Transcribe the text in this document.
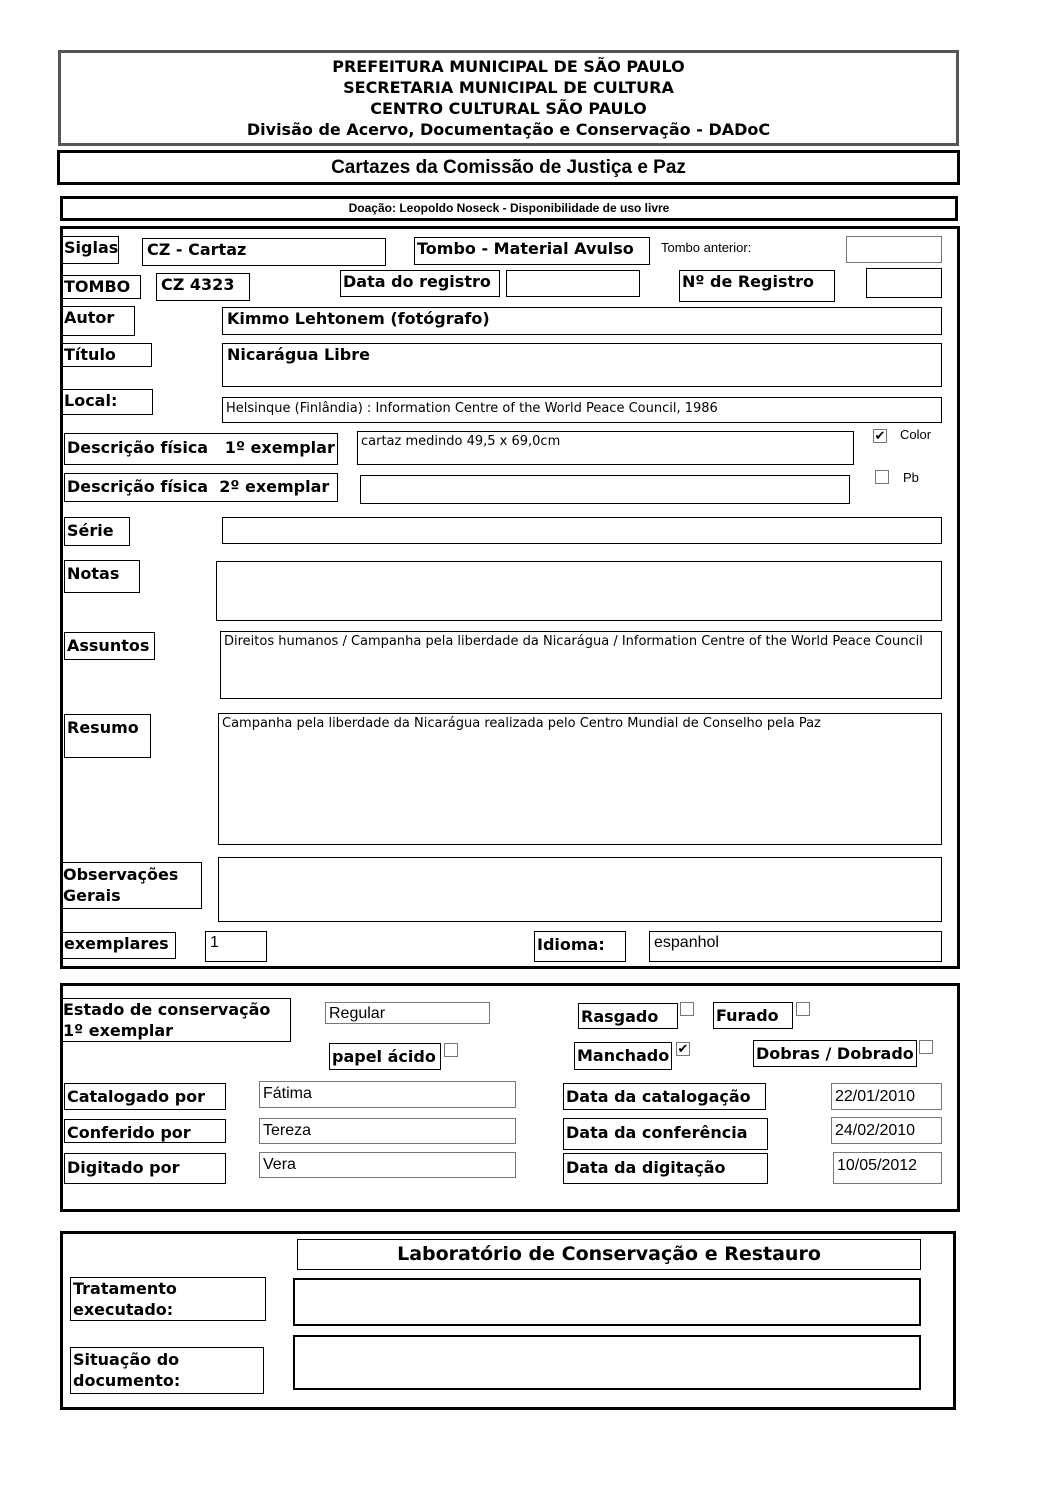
PREFEITURA MUNICIPAL DE SÃO PAULO
SECRETARIA MUNICIPAL DE CULTURA
CENTRO CULTURAL SÃO PAULO
Divisão de Acervo, Documentação e Conservação - DADoC
Cartazes da Comissão de Justiça e Paz
Doação: Leopoldo Noseck - Disponibilidade de uso livre
Siglas	CZ - Cartaz	Tombo - Material Avulso	Tombo anterior:
TOMBO	CZ 4323	Data do registro	Nº de Registro
Autor	Kimmo Lehtonem (fotógrafo)
Título	Nicarágua Libre
Local:	Helsinque (Finlândia) : Information Centre of the World Peace Council, 1986
Descrição física   1º exemplar	cartaz medindo 49,5 x 69,0cm	✔ Color
Descrição física  2º exemplar	Pb
Série
Notas
Assuntos	Direitos humanos / Campanha pela liberdade da Nicarágua / Information Centre of the World Peace Council
Resumo	Campanha pela liberdade da Nicarágua realizada pelo Centro Mundial de Conselho pela Paz
Observações Gerais
exemplares	1	Idioma:	espanhol
Estado de conservação 1º exemplar
Regular	Rasgado	Furado
papel ácido	Manchado ✔	Dobras / Dobrado
Catalogado por	Fátima
Conferido por	Tereza
Digitado por	Vera
Data da catalogação	22/01/2010
Data da conferência	24/02/2010
Data da digitação	10/05/2012
Laboratório de Conservação e Restauro
Tratamento executado:
Situação do documento:
